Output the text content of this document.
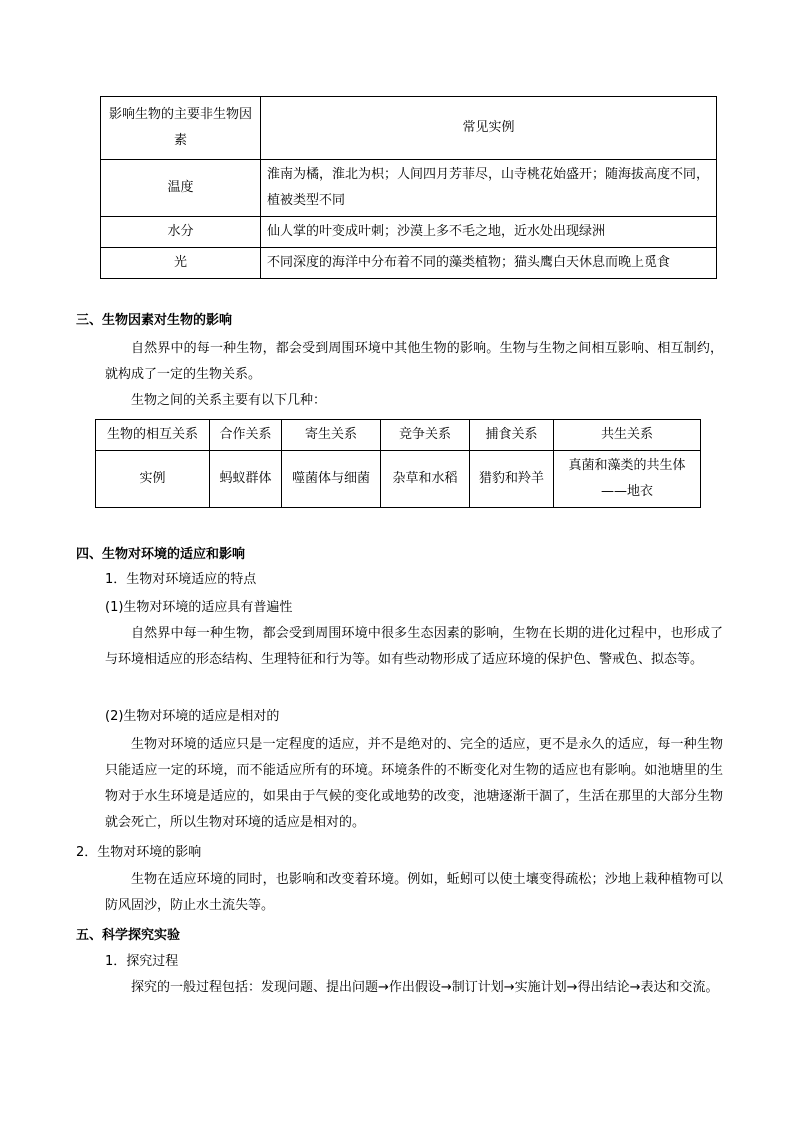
影响生物的主要非生物因素	常见实例
温度	淮南为橘，淮北为枳；人间四月芳菲尽，山寺桃花始盛开；随海拔高度不同，植被类型不同
水分	仙人掌的叶变成叶刺；沙漠上多不毛之地，近水处出现绿洲
光	不同深度的海洋中分布着不同的藻类植物；猫头鹰白天休息而晚上觅食
三、生物因素对生物的影响
自然界中的每一种生物，都会受到周围环境中其他生物的影响。生物与生物之间相互影响、相互制约，就构成了一定的生物关系。
生物之间的关系主要有以下几种：
生物的相互关系	合作关系	寄生关系	竞争关系	捕食关系	共生关系
实例	蚂蚁群体	噬菌体与细菌	杂草和水稻	猎豹和羚羊	真菌和藻类的共生体——地衣
四、生物对环境的适应和影响
1．生物对环境适应的特点
(1)生物对环境的适应具有普遍性
自然界中每一种生物，都会受到周围环境中很多生态因素的影响，生物在长期的进化过程中，也形成了与环境相适应的形态结构、生理特征和行为等。如有些动物形成了适应环境的保护色、警戒色、拟态等。
(2)生物对环境的适应是相对的
生物对环境的适应只是一定程度的适应，并不是绝对的、完全的适应，更不是永久的适应，每一种生物只能适应一定的环境，而不能适应所有的环境。环境条件的不断变化对生物的适应也有影响。如池塘里的生物对于水生环境是适应的，如果由于气候的变化或地势的改变，池塘逐渐干涸了，生活在那里的大部分生物就会死亡，所以生物对环境的适应是相对的。
2．生物对环境的影响
生物在适应环境的同时，也影响和改变着环境。例如，蚯蚓可以使土壤变得疏松；沙地上栽种植物可以防风固沙，防止水土流失等。
五、科学探究实验
1．探究过程
探究的一般过程包括：发现问题、提出问题→作出假设→制订计划→实施计划→得出结论→表达和交流。
